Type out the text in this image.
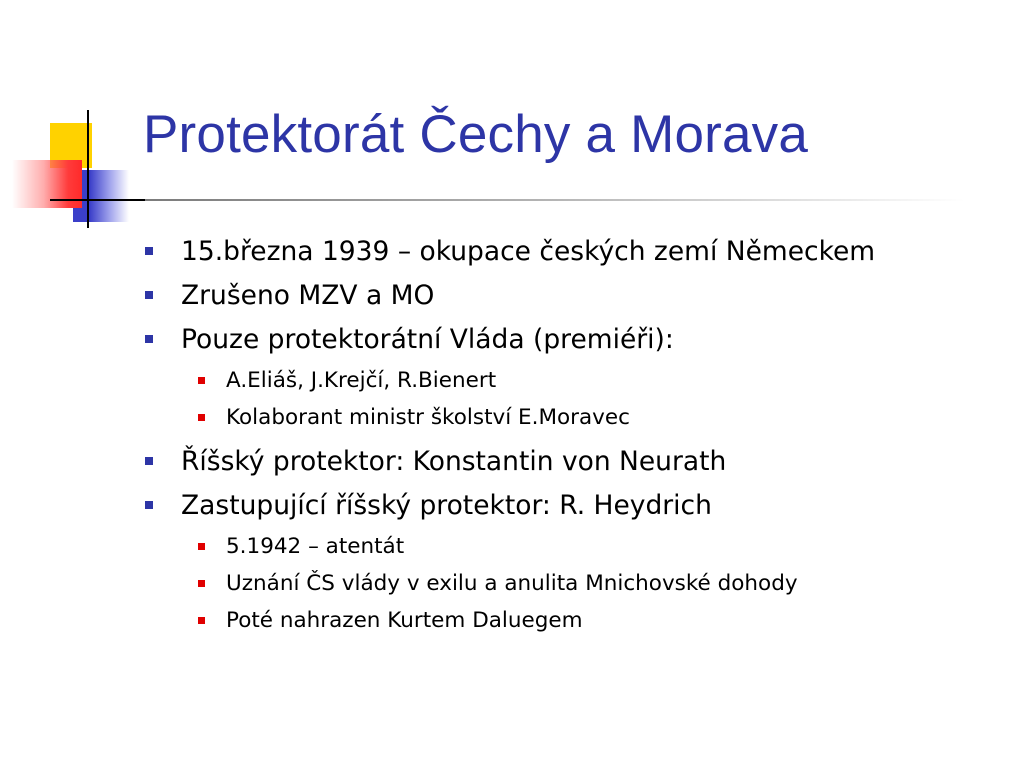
Protektorát Čechy a Morava
15.března 1939 – okupace českých zemí Německem
Zrušeno MZV a MO
Pouze protektorátní Vláda (premiéři):
A.Eliáš, J.Krejčí, R.Bienert
Kolaborant ministr školství E.Moravec
Říšský protektor: Konstantin von Neurath
Zastupující říšský protektor: R. Heydrich
5.1942 – atentát
Uznání ČS vlády v exilu a anulita Mnichovské dohody
Poté nahrazen Kurtem Daluegem
